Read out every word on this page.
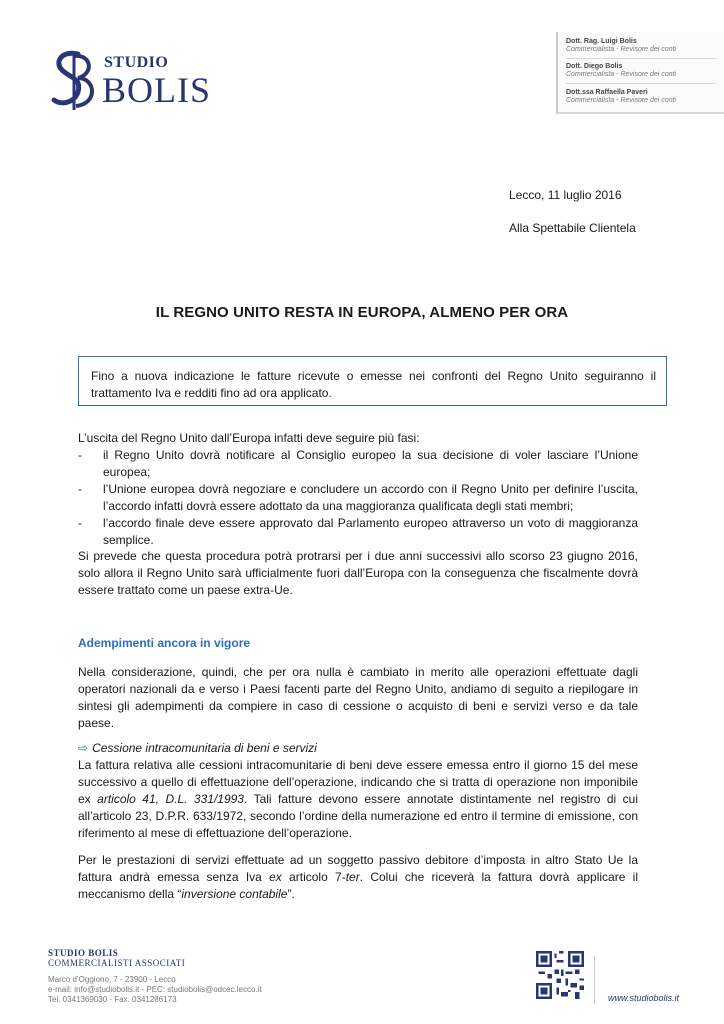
STUDIO
BOLIS
Dott. Rag. Luigi Bolis
Commercialista - Revisore dei conti
Dott. Diego Bolis
Commercialista - Revisore dei conti
Dott.ssa Raffaella Paveri
Commercialista - Revisore dei conti
Lecco, 11 luglio 2016
Alla Spettabile Clientela
IL REGNO UNITO RESTA IN EUROPA, ALMENO PER ORA

Fino a nuova indicazione le fatture ricevute o emesse nei confronti del Regno Unito seguiranno il trattamento Iva e redditi fino ad ora applicato.

L’uscita del Regno Unito dall’Europa infatti deve seguire più fasi:

- il Regno Unito dovrà notificare al Consiglio europeo la sua decisione di voler lasciare l’Unione europea;
- l’Unione europea dovrà negoziare e concludere un accordo con il Regno Unito per definire l’uscita, l’accordo infatti dovrà essere adottato da una maggioranza qualificata degli stati membri;
- l’accordo finale deve essere approvato dal Parlamento europeo attraverso un voto di maggioranza semplice.

Si prevede che questa procedura potrà protrarsi per i due anni successivi allo scorso 23 giugno 2016, solo allora il Regno Unito sarà ufficialmente fuori dall’Europa con la conseguenza che fiscalmente dovrà essere trattato come un paese extra-Ue.

Adempimenti ancora in vigore

Nella considerazione, quindi, che per ora nulla è cambiato in merito alle operazioni effettuate dagli operatori nazionali da e verso i Paesi facenti parte del Regno Unito, andiamo di seguito a riepilogare in sintesi gli adempimenti da compiere in caso di cessione o acquisto di beni e servizi verso e da tale paese.

⇨ Cessione intracomunitaria di beni e servizi

La fattura relativa alle cessioni intracomunitarie di beni deve essere emessa entro il giorno 15 del mese successivo a quello di effettuazione dell’operazione, indicando che si tratta di operazione non imponibile ex articolo 41, D.L. 331/1993. Tali fatture devono essere annotate distintamente nel registro di cui all’articolo 23, D.P.R. 633/1972, secondo l’ordine della numerazione ed entro il termine di emissione, con riferimento al mese di effettuazione dell’operazione.

Per le prestazioni di servizi effettuate ad un soggetto passivo debitore d’imposta in altro Stato Ue la fattura andrà emessa senza Iva ex articolo 7-ter. Colui che riceverà la fattura dovrà applicare il meccanismo della “inversione contabile”.

STUDIO BOLIS
COMMERCIALISTI ASSOCIATI
Marco d’Oggiono, 7 - 23900 - Lecco
e-mail: info@studiobolis.it - PEC: studiobolis@odcec.lecco.it
Tel. 0341369030 - Fax. 0341286173	www.studiobolis.it
